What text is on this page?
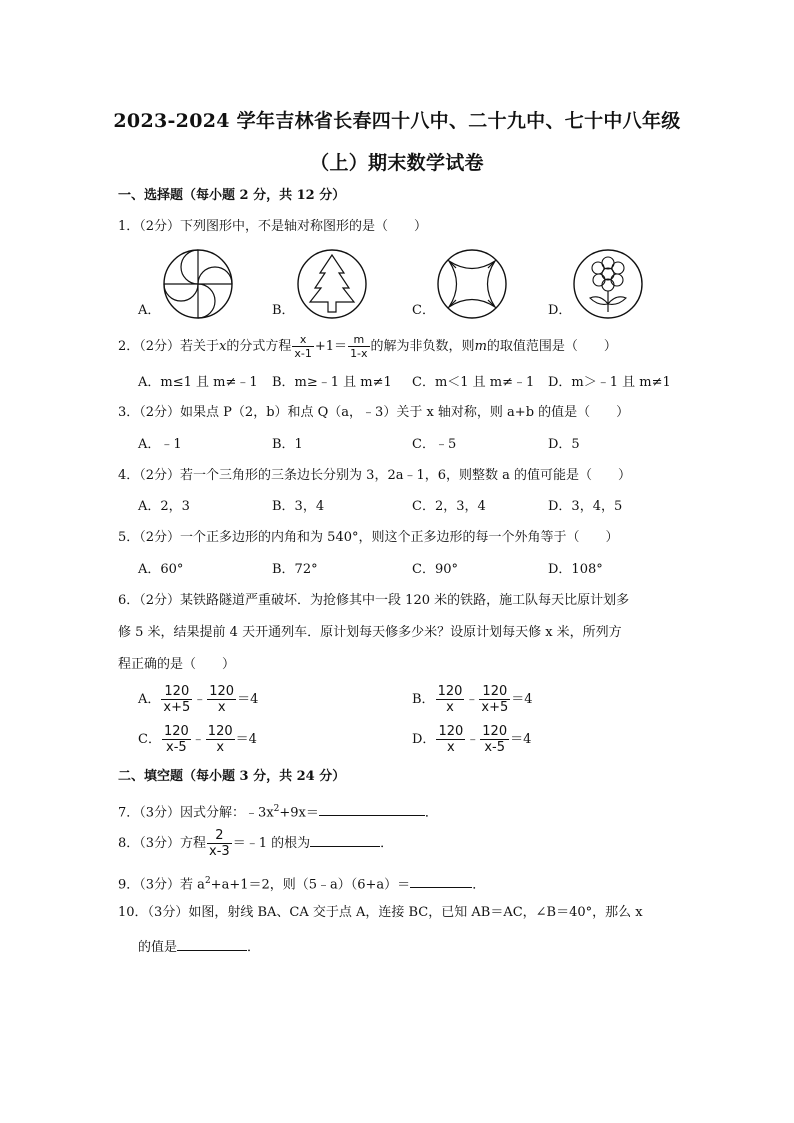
2023-2024 学年吉林省长春四十八中、二十九中、七十中八年级
（上）期末数学试卷
一、选择题（每小题 2 分，共 12 分）
1．（2分）下列图形中，不是轴对称图形的是（　　）
A．	B．	C．	D．
2．（2分）若关于x的分式方程 $\frac{x}{x-1} +1= \frac{m}{1-x}$ 的解为非负数，则m的取值范围是（　　）
A．m≤1 且 m≠﹣1 B．m≥﹣1 且 m≠1 C．m＜1 且 m≠﹣1 D．m＞﹣1 且 m≠1
3．（2分）如果点 P（2，b）和点 Q（a，﹣3）关于 x 轴对称，则 a+b 的值是（　　）
A．﹣1	B．1	C．﹣5	D．5
4．（2分）若一个三角形的三条边长分别为 3，2a﹣1，6，则整数 a 的值可能是（　　）
A．2，3	B．3，4	C．2，3，4	D．3，4，5
5．（2分）一个正多边形的内角和为 540°，则这个正多边形的每一个外角等于（　　）
A．60°	B．72°	C．90°	D．108°
6．（2分）某铁路隧道严重破坏．为抢修其中一段 120 米的铁路，施工队每天比原计划多
修 5 米，结果提前 4 天开通列车．原计划每天修多少米？设原计划每天修 x 米，所列方
程正确的是（　　）
A． $\frac{120}{x+5}$ ﹣ $\frac{120}{x} =4$	B． $\frac{120}{x}$ ﹣ $\frac{120}{x+5} =4$
C． $\frac{120}{x-5}$ ﹣ $\frac{120}{x} =4$	D． $\frac{120}{x}$ ﹣ $\frac{120}{x-5} =4$
二、填空题（每小题 3 分，共 24 分）
7．（3分）因式分解：$﹣3x^2+9x=$	．
8．（3分）方程 $\frac{2}{x-3}$ ＝﹣1 的根为	．
9．（3分）若 $a^2+a+1=2$，则（5﹣a）（6+a）＝	．
10．（3分）如图，射线 BA、CA 交于点 A，连接 BC，已知 AB＝AC，∠B＝40°，那么 x
的值是	．
